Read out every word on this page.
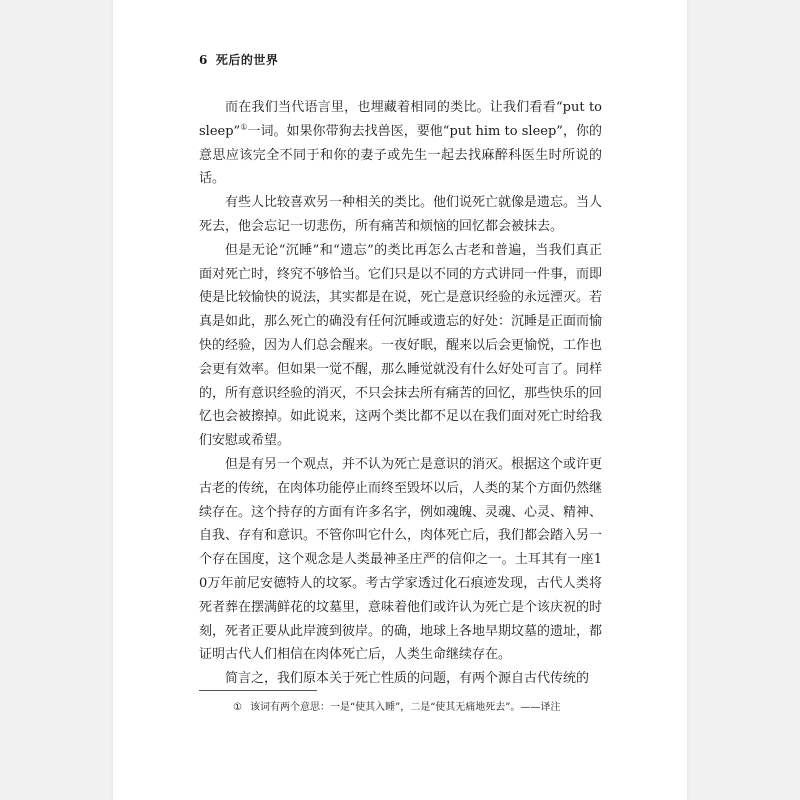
6 死后的世界

而在我们当代语言里，也埋藏着相同的类比。让我们看看“put to sleep”①一词。如果你带狗去找兽医，要他“put him to sleep”，你的意思应该完全不同于和你的妻子或先生一起去找麻醉科医生时所说的话。

有些人比较喜欢另一种相关的类比。他们说死亡就像是遗忘。当人死去，他会忘记一切悲伤，所有痛苦和烦恼的回忆都会被抹去。

但是无论“沉睡”和“遗忘”的类比再怎么古老和普遍，当我们真正面对死亡时，终究不够恰当。它们只是以不同的方式讲同一件事，而即使是比较愉快的说法，其实都是在说，死亡是意识经验的永远湮灭。若真是如此，那么死亡的确没有任何沉睡或遗忘的好处：沉睡是正面而愉快的经验，因为人们总会醒来。一夜好眠，醒来以后会更愉悦，工作也会更有效率。但如果一觉不醒，那么睡觉就没有什么好处可言了。同样的，所有意识经验的消灭，不只会抹去所有痛苦的回忆，那些快乐的回忆也会被擦掉。如此说来，这两个类比都不足以在我们面对死亡时给我们安慰或希望。

但是有另一个观点，并不认为死亡是意识的消灭。根据这个或许更古老的传统，在肉体功能停止而终至毁坏以后，人类的某个方面仍然继续存在。这个持存的方面有许多名字，例如魂魄、灵魂、心灵、精神、自我、存有和意识。不管你叫它什么，肉体死亡后，我们都会踏入另一个存在国度，这个观念是人类最神圣庄严的信仰之一。土耳其有一座10万年前尼安德特人的坟冢。考古学家透过化石痕迹发现，古代人类将死者葬在摆满鲜花的坟墓里，意味着他们或许认为死亡是个该庆祝的时刻，死者正要从此岸渡到彼岸。的确，地球上各地早期坟墓的遗址，都证明古代人们相信在肉体死亡后，人类生命继续存在。

简言之，我们原本关于死亡性质的问题，有两个源自古代传统的

① 该词有两个意思：一是“使其入睡”，二是“使其无痛地死去”。——译注
